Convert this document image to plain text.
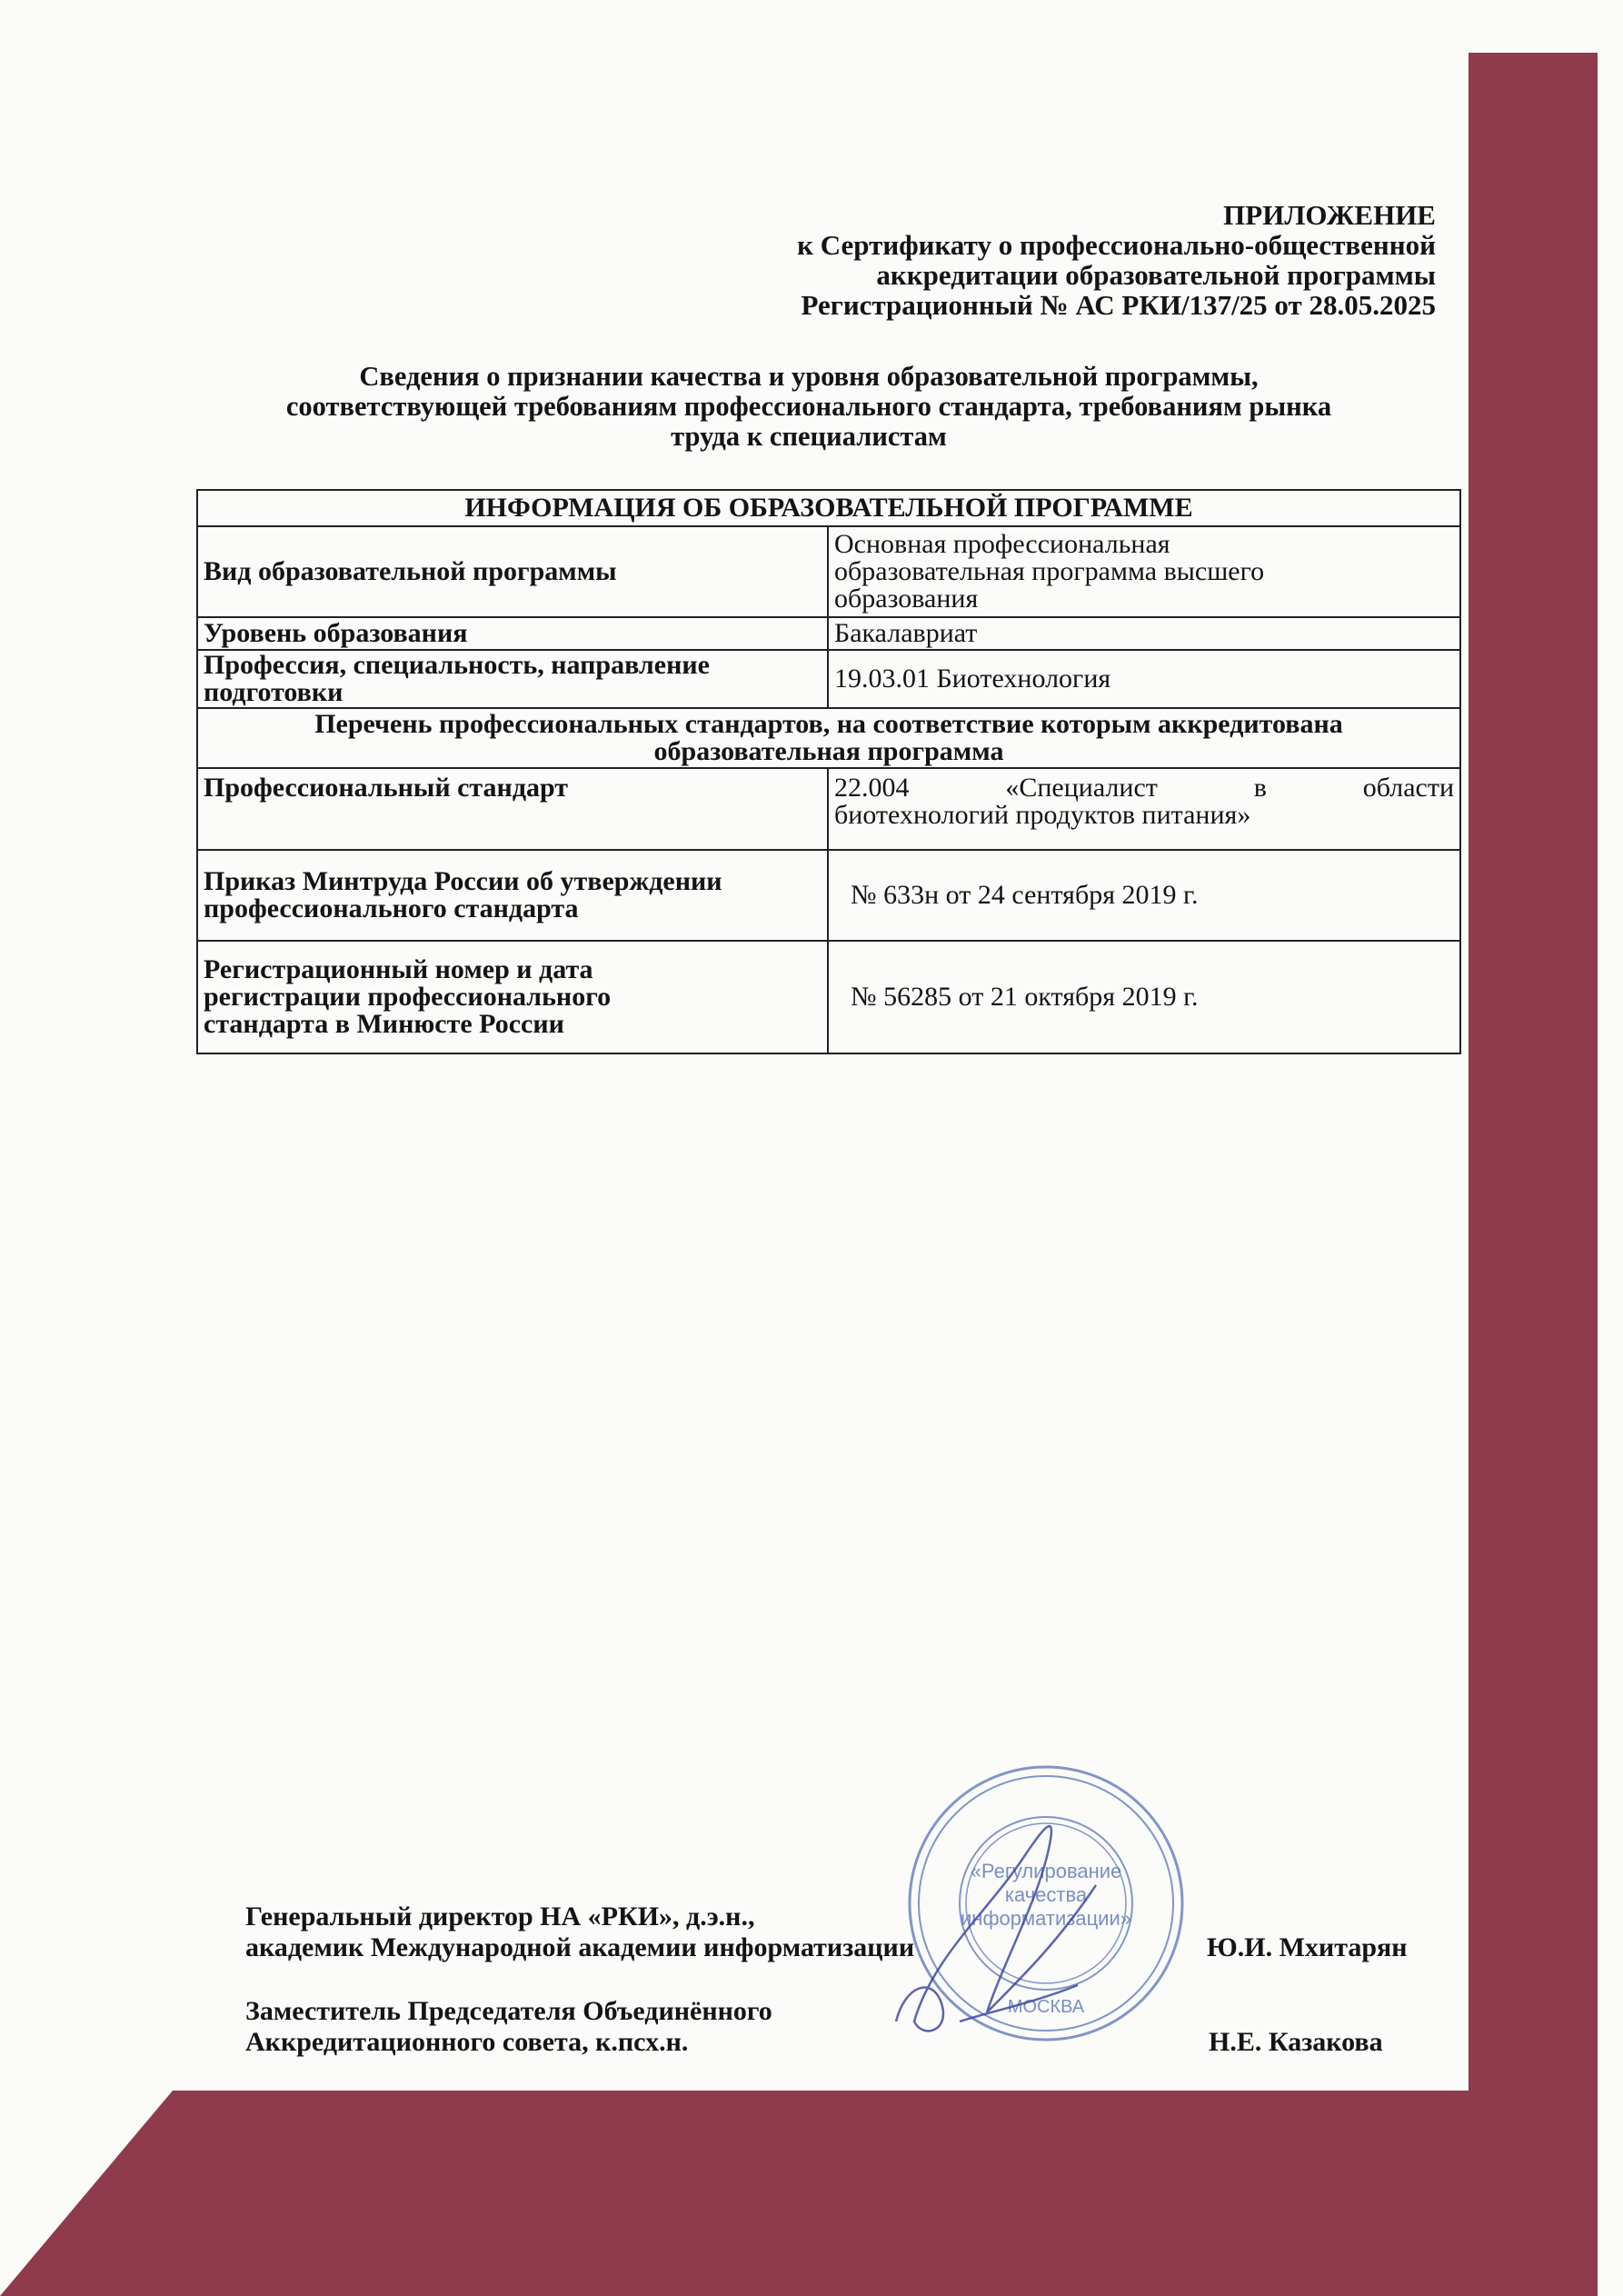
ПРИЛОЖЕНИЕ
к Сертификату о профессионально-общественной
аккредитации образовательной программы
Регистрационный № АС РКИ/137/25 от 28.05.2025
Сведения о признании качества и уровня образовательной программы,
соответствующей требованиям профессионального стандарта, требованиям рынка
труда к специалистам
ИНФОРМАЦИЯ ОБ ОБРАЗОВАТЕЛЬНОЙ ПРОГРАММЕ	
Вид образовательной программы	Основная профессиональная
образовательная программа высшего
образования

Уровень образования	Бакалавриат

Профессия, специальность, направление
подготовки	19.03.01 Биотехнология

Перечень профессиональных стандартов, на соответствие которым аккредитована
образовательная программа	

Профессиональный стандарт	22.004 «Специалист в области
биотехнологий продуктов питания»

Приказ Минтруда России об утверждении
профессионального стандарта	№ 633н от 24 сентября 2019 г.

Регистрационный номер и дата
регистрации профессионального
стандарта в Минюсте России	№ 56285 от 21 октября 2019 г.
«Регулирование
качества
информатизации»
МОСКВА
Генеральный директор НА «РКИ», д.э.н.,
академик Международной академии информатизации	Ю.И. Мхитарян
Заместитель Председателя Объединённого
Аккредитационного совета, к.псх.н.	Н.Е. Казакова
